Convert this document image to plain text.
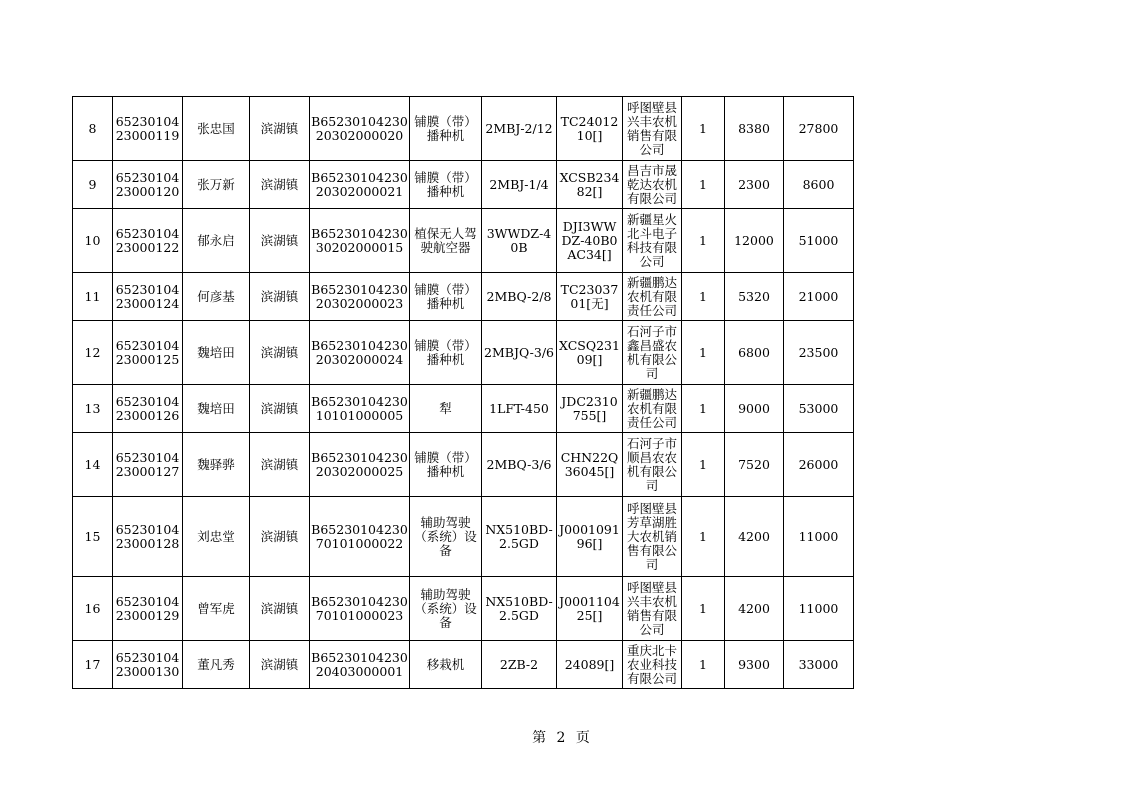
8	6523010423000119	张忠国	滨湖镇	B6523010423020302000020	铺膜（带）播种机	2MBJ-2/12	TC2401210[]	呼图壁县兴丰农机销售有限公司	1	8380	27800
9	6523010423000120	张万新	滨湖镇	B6523010423020302000021	铺膜（带）播种机	2MBJ-1/4	XCSB23482[]	昌吉市晟乾达农机有限公司	1	2300	8600
10	6523010423000122	郁永启	滨湖镇	B6523010423030202000015	植保无人驾驶航空器	3WWDZ-40B	DJI3WWDZ-40B0AC34[]	新疆星火北斗电子科技有限公司	1	12000	51000
11	6523010423000124	何彦基	滨湖镇	B6523010423020302000023	铺膜（带）播种机	2MBQ-2/8	TC2303701[无]	新疆鹏达农机有限责任公司	1	5320	21000
12	6523010423000125	魏培田	滨湖镇	B6523010423020302000024	铺膜（带）播种机	2MBJQ-3/6	XCSQ23109[]	石河子市鑫昌盛农机有限公司	1	6800	23500
13	6523010423000126	魏培田	滨湖镇	B6523010423010101000005	犁	1LFT-450	JDC2310755[]	新疆鹏达农机有限责任公司	1	9000	53000
14	6523010423000127	魏驿骅	滨湖镇	B6523010423020302000025	铺膜（带）播种机	2MBQ-3/6	CHN22Q36045[]	石河子市顺昌农农机有限公司	1	7520	26000
15	6523010423000128	刘忠堂	滨湖镇	B6523010423070101000022	辅助驾驶（系统）设备	NX510BD-2.5GD	J000109196[]	呼图壁县芳草湖胜大农机销售有限公司	1	4200	11000
16	6523010423000129	曾军虎	滨湖镇	B6523010423070101000023	辅助驾驶（系统）设备	NX510BD-2.5GD	J000110425[]	呼图壁县兴丰农机销售有限公司	1	4200	11000
17	6523010423000130	董凡秀	滨湖镇	B6523010423020403000001	移栽机	2ZB-2	24089[]	重庆北卡农业科技有限公司	1	9300	33000
第 2 页
